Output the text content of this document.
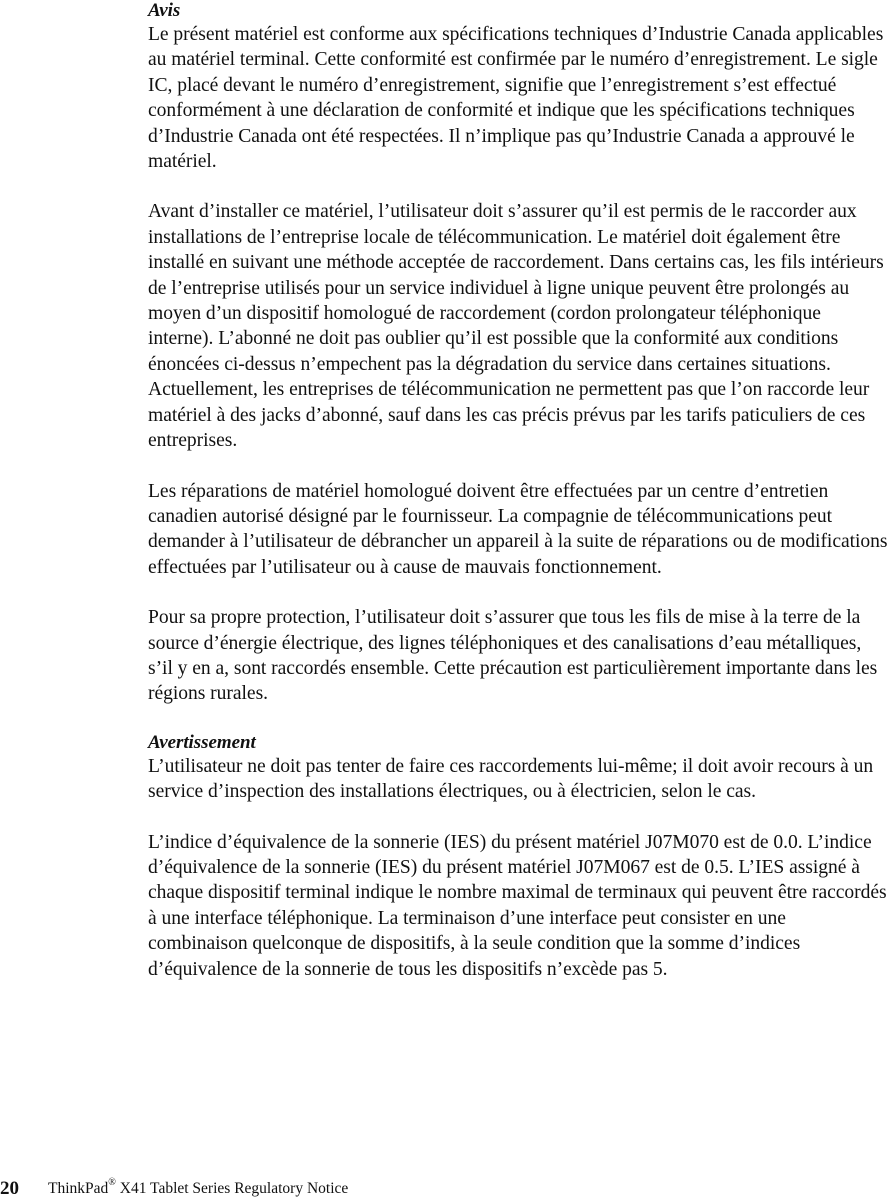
Avis

Le présent matériel est conforme aux spécifications techniques d’Industrie Canada applicables au matériel terminal. Cette conformité est confirmée par le numéro d’enregistrement. Le sigle IC, placé devant le numéro d’enregistrement, signifie que l’enregistrement s’est effectué conformément à une déclaration de conformité et indique que les spécifications techniques d’Industrie Canada ont été respectées. Il n’implique pas qu’Industrie Canada a approuvé le matériel.

Avant d’installer ce matériel, l’utilisateur doit s’assurer qu’il est permis de le raccorder aux installations de l’entreprise locale de télécommunication. Le matériel doit également être installé en suivant une méthode acceptée de raccordement. Dans certains cas, les fils intérieurs de l’entreprise utilisés pour un service individuel à ligne unique peuvent être prolongés au moyen d’un dispositif homologué de raccordement (cordon prolongateur téléphonique interne). L’abonné ne doit pas oublier qu’il est possible que la conformité aux conditions énoncées ci-dessus n’empechent pas la dégradation du service dans certaines situations. Actuellement, les entreprises de télécommunication ne permettent pas que l’on raccorde leur matériel à des jacks d’abonné, sauf dans les cas précis prévus par les tarifs paticuliers de ces entreprises.

Les réparations de matériel homologué doivent être effectuées par un centre d’entretien canadien autorisé désigné par le fournisseur. La compagnie de télécommunications peut demander à l’utilisateur de débrancher un appareil à la suite de réparations ou de modifications effectuées par l’utilisateur ou à cause de mauvais fonctionnement.

Pour sa propre protection, l’utilisateur doit s’assurer que tous les fils de mise à la terre de la source d’énergie électrique, des lignes téléphoniques et des canalisations d’eau métalliques, s’il y en a, sont raccordés ensemble. Cette précaution est particulièrement importante dans les régions rurales.

Avertissement

L’utilisateur ne doit pas tenter de faire ces raccordements lui-même; il doit avoir recours à un service d’inspection des installations électriques, ou à électricien, selon le cas.

L’indice d’équivalence de la sonnerie (IES) du présent matériel J07M070 est de 0.0. L’indice d’équivalence de la sonnerie (IES) du présent matériel J07M067 est de 0.5. L’IES assigné à chaque dispositif terminal indique le nombre maximal de terminaux qui peuvent être raccordés à une interface téléphonique. La terminaison d’une interface peut consister en une combinaison quelconque de dispositifs, à la seule condition que la somme d’indices d’équivalence de la sonnerie de tous les dispositifs n’excède pas 5.

20 ThinkPad® X41 Tablet Series Regulatory Notice
